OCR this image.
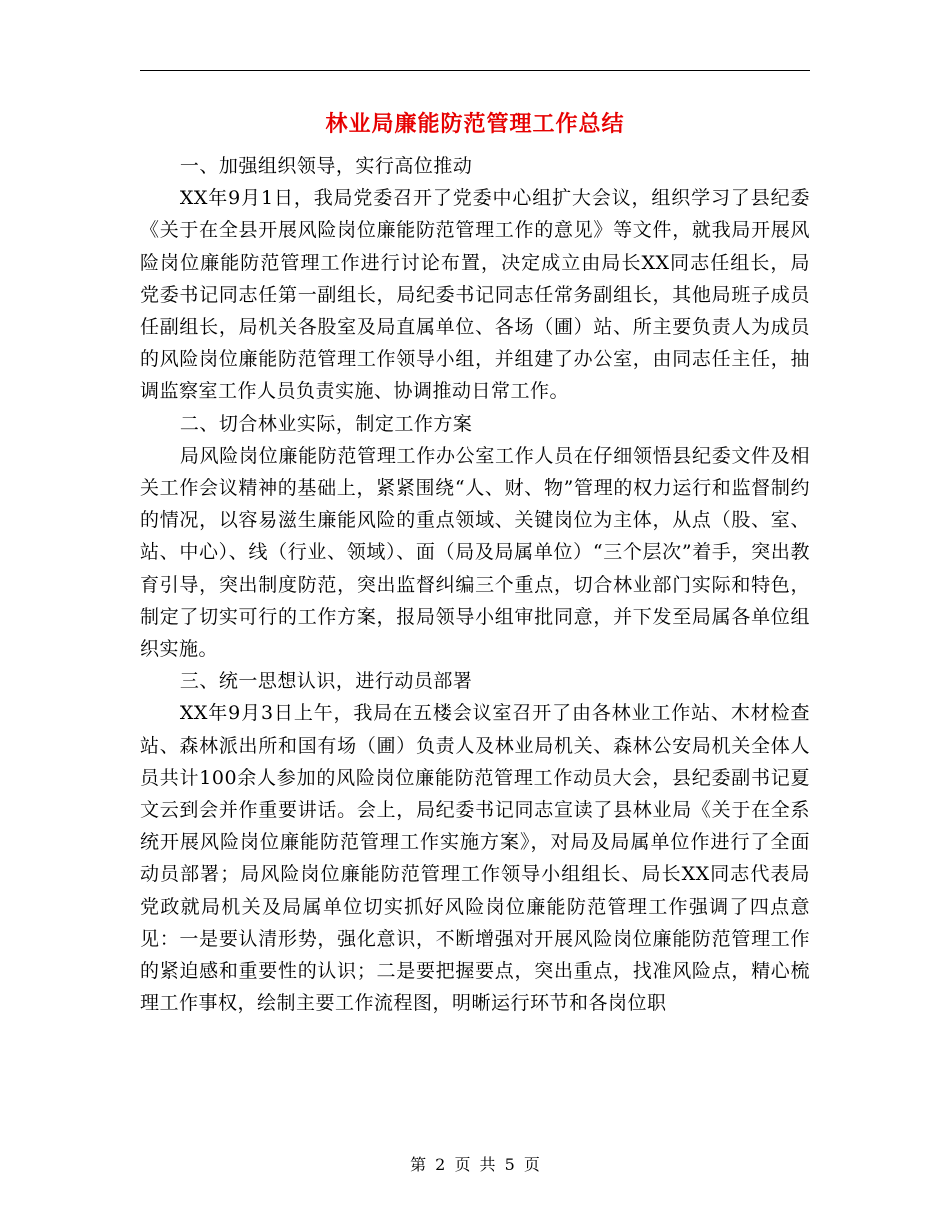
林业局廉能防范管理工作总结

一、加强组织领导，实行高位推动

XX年9月1日，我局党委召开了党委中心组扩大会议，组织学习了县纪委《关于在全县开展风险岗位廉能防范管理工作的意见》等文件，就我局开展风险岗位廉能防范管理工作进行讨论布置，决定成立由局长XX同志任组长，局党委书记同志任第一副组长，局纪委书记同志任常务副组长，其他局班子成员任副组长，局机关各股室及局直属单位、各场（圃）站、所主要负责人为成员的风险岗位廉能防范管理工作领导小组，并组建了办公室，由同志任主任，抽调监察室工作人员负责实施、协调推动日常工作。

二、切合林业实际，制定工作方案

局风险岗位廉能防范管理工作办公室工作人员在仔细领悟县纪委文件及相关工作会议精神的基础上，紧紧围绕“人、财、物”管理的权力运行和监督制约的情况，以容易滋生廉能风险的重点领域、关键岗位为主体，从点（股、室、站、中心）、线（行业、领域）、面（局及局属单位）“三个层次”着手，突出教育引导，突出制度防范，突出监督纠编三个重点，切合林业部门实际和特色，制定了切实可行的工作方案，报局领导小组审批同意，并下发至局属各单位组织实施。

三、统一思想认识，进行动员部署

XX年9月3日上午，我局在五楼会议室召开了由各林业工作站、木材检查站、森林派出所和国有场（圃）负责人及林业局机关、森林公安局机关全体人员共计100余人参加的风险岗位廉能防范管理工作动员大会，县纪委副书记夏文云到会并作重要讲话。会上，局纪委书记同志宣读了县林业局《关于在全系统开展风险岗位廉能防范管理工作实施方案》，对局及局属单位作进行了全面动员部署；局风险岗位廉能防范管理工作领导小组组长、局长XX同志代表局党政就局机关及局属单位切实抓好风险岗位廉能防范管理工作强调了四点意见：一是要认清形势，强化意识，不断增强对开展风险岗位廉能防范管理工作的紧迫感和重要性的认识；二是要把握要点，突出重点，找准风险点，精心梳理工作事权，绘制主要工作流程图，明晰运行环节和各岗位职

第 2 页 共 5 页
